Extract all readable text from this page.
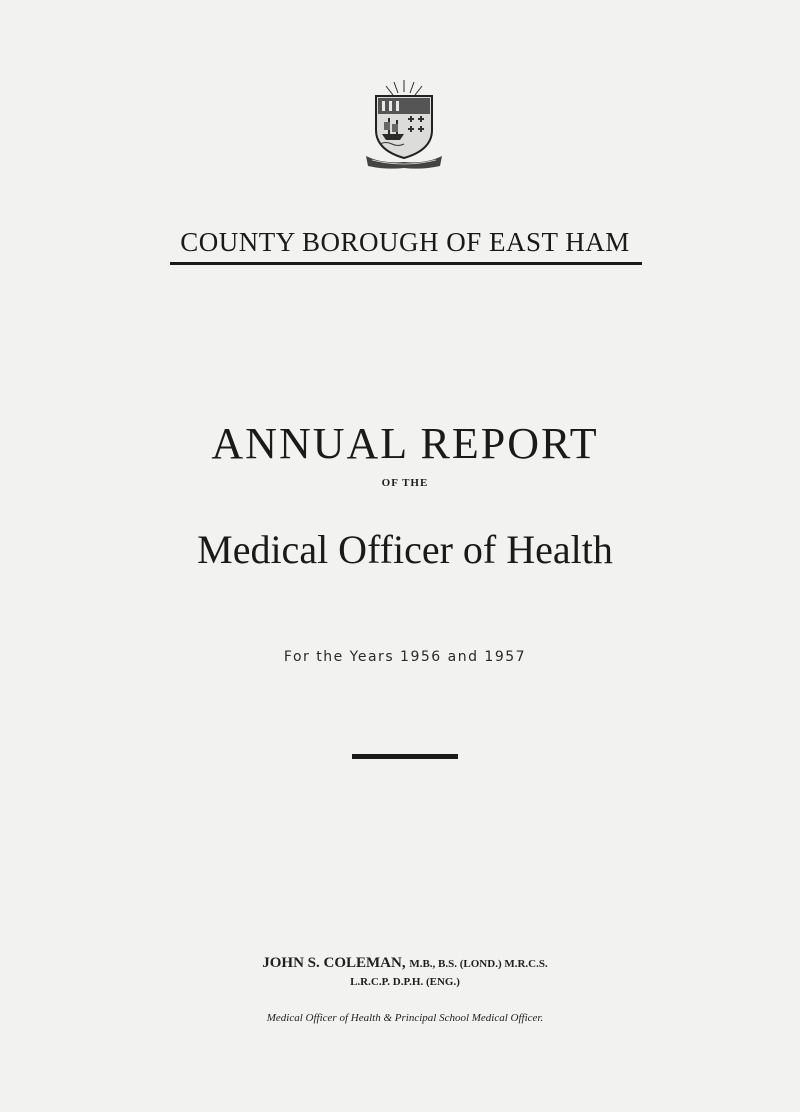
COUNTY BOROUGH OF EAST HAM
ANNUAL REPORT
OF THE
Medical Officer of Health
For the Years 1956 and 1957
JOHN S. COLEMAN, M.B., B.S. (LOND.) M.R.C.S.
L.R.C.P. D.P.H. (ENG.)
Medical Officer of Health & Principal School Medical Officer.
